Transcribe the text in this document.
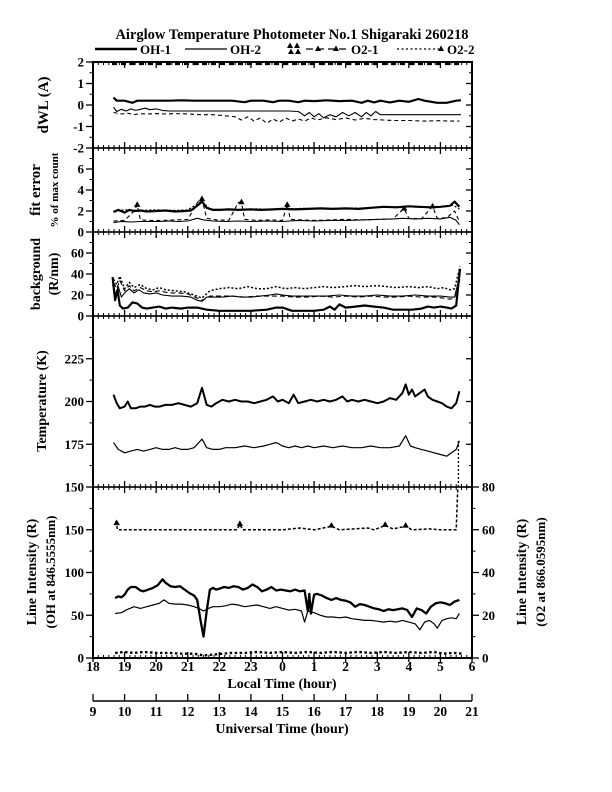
Airglow Temperature Photometer No.1 Shigaraki 260218
OH-1	OH-2	O2-1	O2-2
dWL (A)
fit error % of max count
background (R/nm)
Temperature (K)
Line Intensity (R) (OH at 846.5555nm)	Line Intensity (R) (O2 at 866.0595nm)
Local Time (hour)
Universal Time (hour)
2
1
0
-1
-2
0
2
4
6
0
20
40
60
150
175
200
225
0
50
100
150
0
20
40
60
80
18 19 20 21 22 23 0 1 2 3 4 5 6
9 10 11 12 13 14 15 16 17 18 19 20 21
